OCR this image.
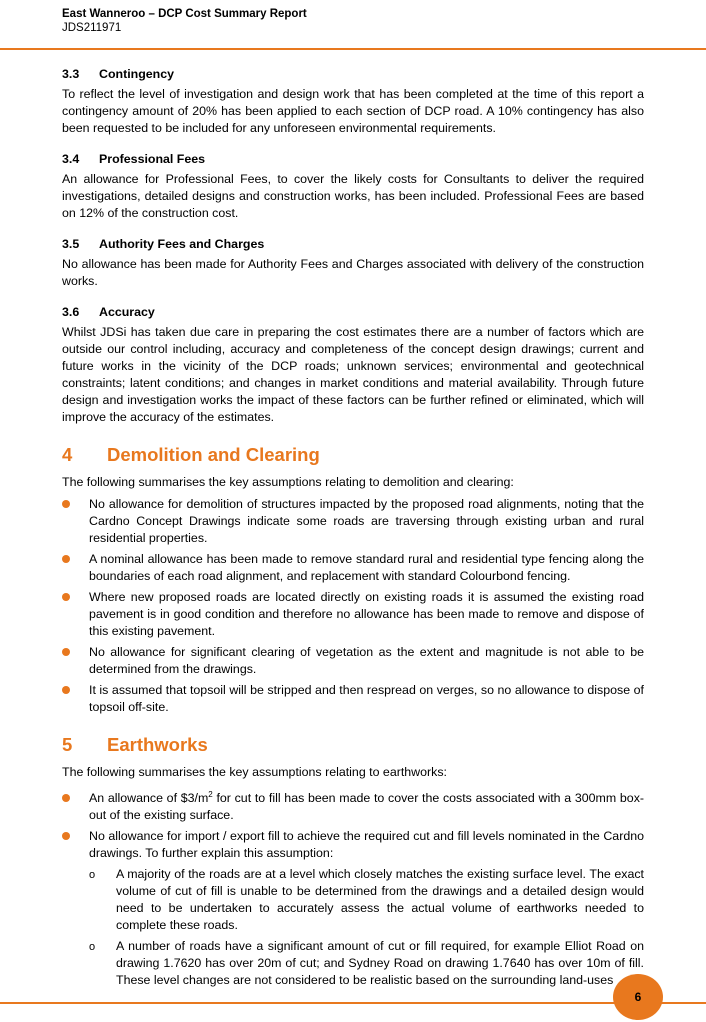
East Wanneroo – DCP Cost Summary Report
JDS211971
3.3 Contingency
To reflect the level of investigation and design work that has been completed at the time of this report a contingency amount of 20% has been applied to each section of DCP road. A 10% contingency has also been requested to be included for any unforeseen environmental requirements.
3.4 Professional Fees
An allowance for Professional Fees, to cover the likely costs for Consultants to deliver the required investigations, detailed designs and construction works, has been included. Professional Fees are based on 12% of the construction cost.
3.5 Authority Fees and Charges
No allowance has been made for Authority Fees and Charges associated with delivery of the construction works.
3.6 Accuracy
Whilst JDSi has taken due care in preparing the cost estimates there are a number of factors which are outside our control including, accuracy and completeness of the concept design drawings; current and future works in the vicinity of the DCP roads; unknown services; environmental and geotechnical constraints; latent conditions; and changes in market conditions and material availability. Through future design and investigation works the impact of these factors can be further refined or eliminated, which will improve the accuracy of the estimates.
4 Demolition and Clearing
The following summarises the key assumptions relating to demolition and clearing:
No allowance for demolition of structures impacted by the proposed road alignments, noting that the Cardno Concept Drawings indicate some roads are traversing through existing urban and rural residential properties.
A nominal allowance has been made to remove standard rural and residential type fencing along the boundaries of each road alignment, and replacement with standard Colourbond fencing.
Where new proposed roads are located directly on existing roads it is assumed the existing road pavement is in good condition and therefore no allowance has been made to remove and dispose of this existing pavement.
No allowance for significant clearing of vegetation as the extent and magnitude is not able to be determined from the drawings.
It is assumed that topsoil will be stripped and then respread on verges, so no allowance to dispose of topsoil off-site.
5 Earthworks
The following summarises the key assumptions relating to earthworks:
An allowance of $\$3/m^2$ for cut to fill has been made to cover the costs associated with a 300mm box-out of the existing surface.
No allowance for import / export fill to achieve the required cut and fill levels nominated in the Cardno drawings. To further explain this assumption:
o A majority of the roads are at a level which closely matches the existing surface level. The exact volume of cut of fill is unable to be determined from the drawings and a detailed design would need to be undertaken to accurately assess the actual volume of earthworks needed to complete these roads.
o A number of roads have a significant amount of cut or fill required, for example Elliot Road on drawing 1.7620 has over 20m of cut; and Sydney Road on drawing 1.7640 has over 10m of fill. These level changes are not considered to be realistic based on the surrounding land-uses
6
